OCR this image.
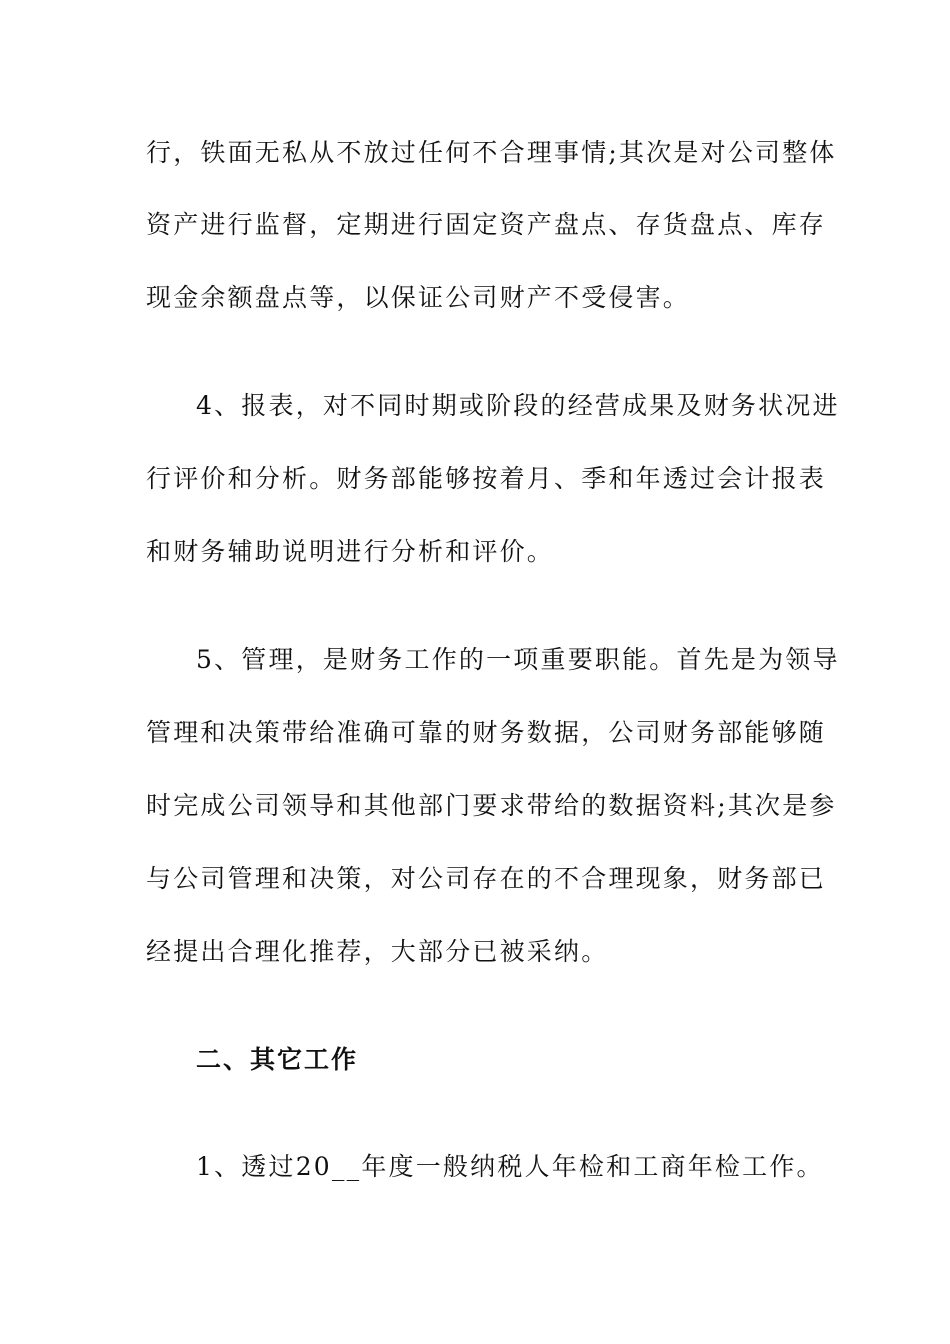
行，铁面无私从不放过任何不合理事情;其次是对公司整体
资产进行监督，定期进行固定资产盘点、存货盘点、库存
现金余额盘点等，以保证公司财产不受侵害。
4、报表，对不同时期或阶段的经营成果及财务状况进
行评价和分析。财务部能够按着月、季和年透过会计报表
和财务辅助说明进行分析和评价。
5、管理，是财务工作的一项重要职能。首先是为领导
管理和决策带给准确可靠的财务数据，公司财务部能够随
时完成公司领导和其他部门要求带给的数据资料;其次是参
与公司管理和决策，对公司存在的不合理现象，财务部已
经提出合理化推荐，大部分已被采纳。
二、其它工作
1、透过20__年度一般纳税人年检和工商年检工作。
